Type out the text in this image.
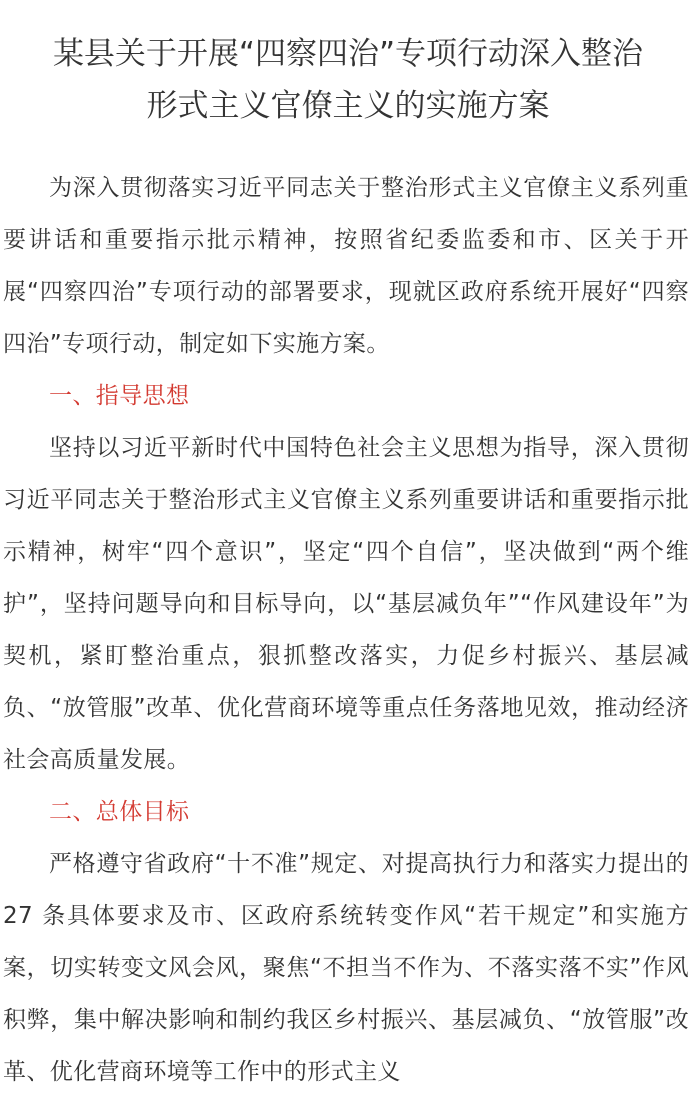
某县关于开展“四察四治”专项行动深入整治
形式主义官僚主义的实施方案

为深入贯彻落实习近平同志关于整治形式主义官僚主义系列重要讲话和重要指示批示精神，按照省纪委监委和市、区关于开展“四察四治”专项行动的部署要求，现就区政府系统开展好“四察四治”专项行动，制定如下实施方案。

一、指导思想

坚持以习近平新时代中国特色社会主义思想为指导，深入贯彻习近平同志关于整治形式主义官僚主义系列重要讲话和重要指示批示精神，树牢“四个意识”，坚定“四个自信”，坚决做到“两个维护”，坚持问题导向和目标导向，以“基层减负年”“作风建设年”为契机，紧盯整治重点，狠抓整改落实，力促乡村振兴、基层减负、“放管服”改革、优化营商环境等重点任务落地见效，推动经济社会高质量发展。

二、总体目标

严格遵守省政府“十不准”规定、对提高执行力和落实力提出的 27 条具体要求及市、区政府系统转变作风“若干规定”和实施方案，切实转变文风会风，聚焦“不担当不作为、不落实落不实”作风积弊，集中解决影响和制约我区乡村振兴、基层减负、“放管服”改革、优化营商环境等工作中的形式主义
